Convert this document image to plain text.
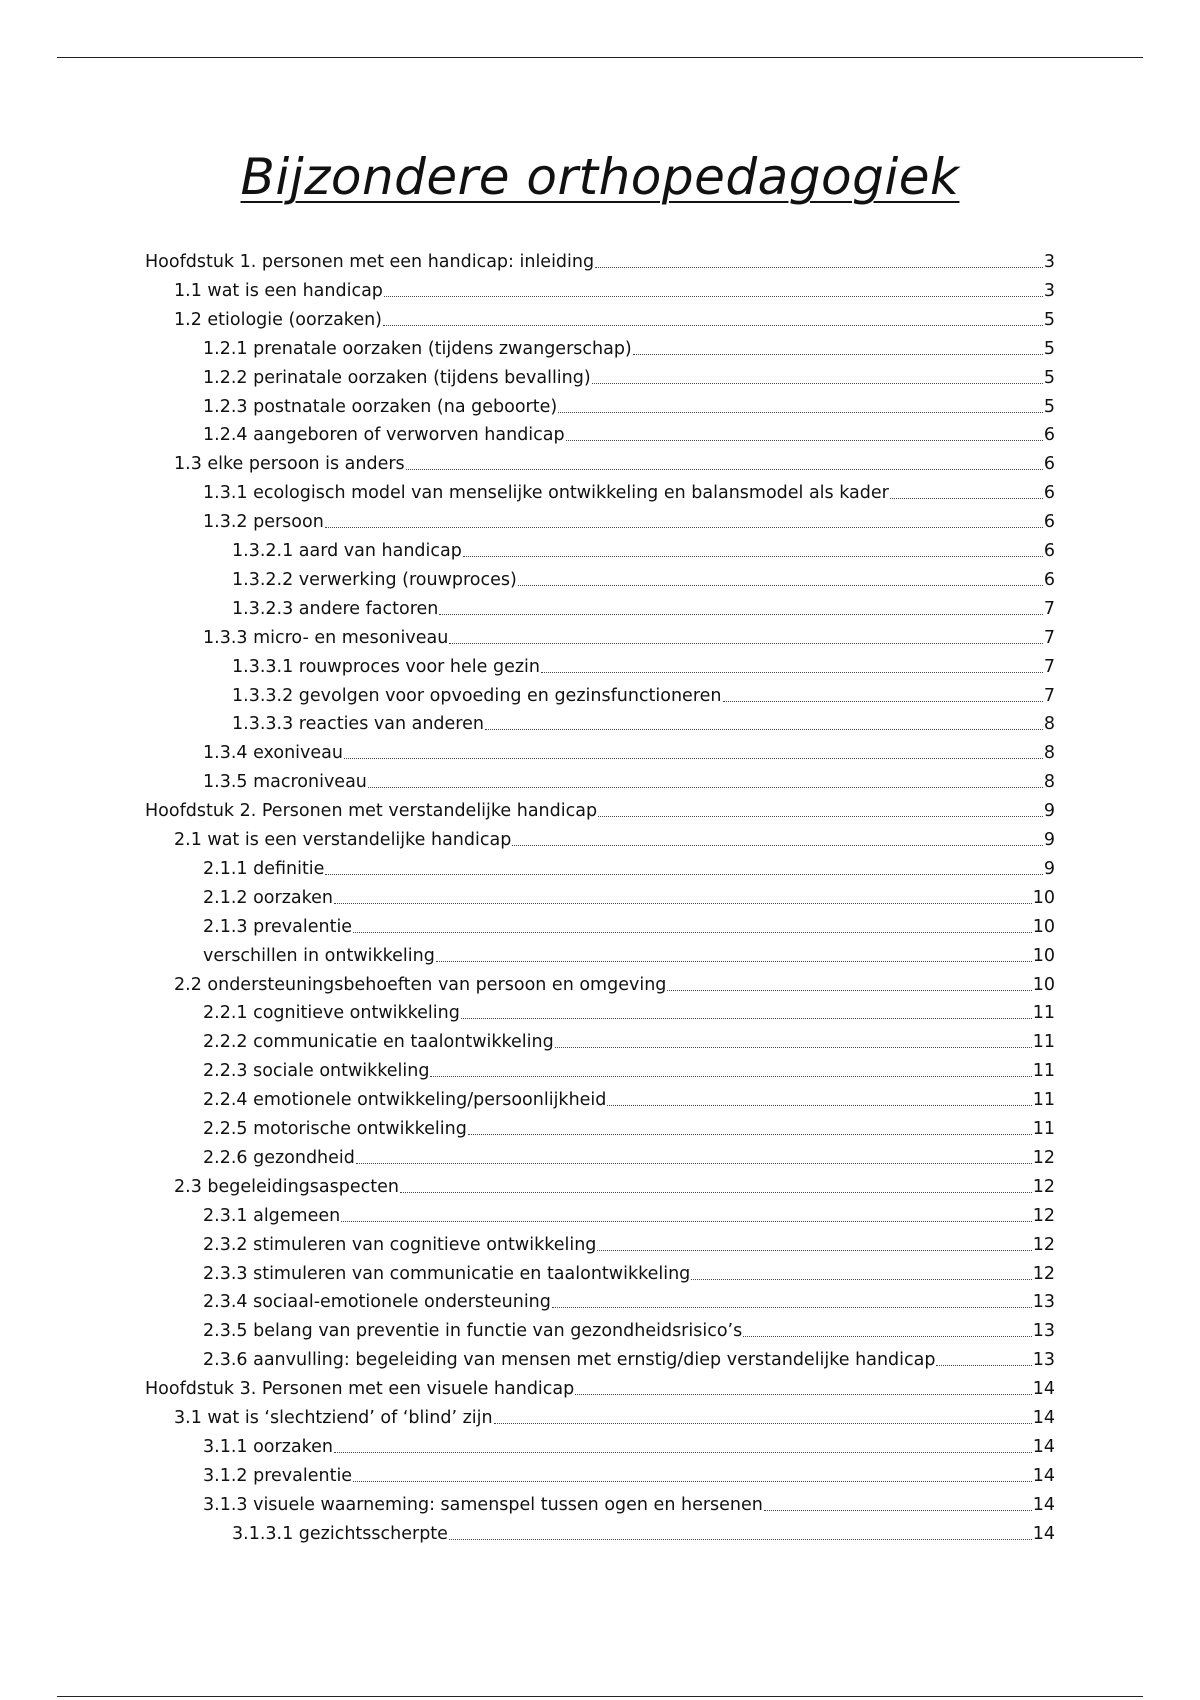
Bijzondere orthopedagogiek
Hoofdstuk 1. personen met een handicap: inleiding	3
1.1 wat is een handicap	3
1.2 etiologie (oorzaken)	5
1.2.1 prenatale oorzaken (tijdens zwangerschap)	5
1.2.2 perinatale oorzaken (tijdens bevalling)	5
1.2.3 postnatale oorzaken (na geboorte)	5
1.2.4 aangeboren of verworven handicap	6
1.3 elke persoon is anders	6
1.3.1 ecologisch model van menselijke ontwikkeling en balansmodel als kader	6
1.3.2 persoon	6
1.3.2.1 aard van handicap	6
1.3.2.2 verwerking (rouwproces)	6
1.3.2.3 andere factoren	7
1.3.3 micro- en mesoniveau	7
1.3.3.1 rouwproces voor hele gezin	7
1.3.3.2 gevolgen voor opvoeding en gezinsfunctioneren	7
1.3.3.3 reacties van anderen	8
1.3.4 exoniveau	8
1.3.5 macroniveau	8
Hoofdstuk 2. Personen met verstandelijke handicap	9
2.1 wat is een verstandelijke handicap	9
2.1.1 definitie	9
2.1.2 oorzaken	10
2.1.3 prevalentie	10
verschillen in ontwikkeling	10
2.2 ondersteuningsbehoeften van persoon en omgeving	10
2.2.1 cognitieve ontwikkeling	11
2.2.2 communicatie en taalontwikkeling	11
2.2.3 sociale ontwikkeling	11
2.2.4 emotionele ontwikkeling/persoonlijkheid	11
2.2.5 motorische ontwikkeling	11
2.2.6 gezondheid	12
2.3 begeleidingsaspecten	12
2.3.1 algemeen	12
2.3.2 stimuleren van cognitieve ontwikkeling	12
2.3.3 stimuleren van communicatie en taalontwikkeling	12
2.3.4 sociaal-emotionele ondersteuning	13
2.3.5 belang van preventie in functie van gezondheidsrisico’s	13
2.3.6 aanvulling: begeleiding van mensen met ernstig/diep verstandelijke handicap	13
Hoofdstuk 3. Personen met een visuele handicap	14
3.1 wat is ‘slechtziend’ of ‘blind’ zijn	14
3.1.1 oorzaken	14
3.1.2 prevalentie	14
3.1.3 visuele waarneming: samenspel tussen ogen en hersenen	14
3.1.3.1 gezichtsscherpte	14
